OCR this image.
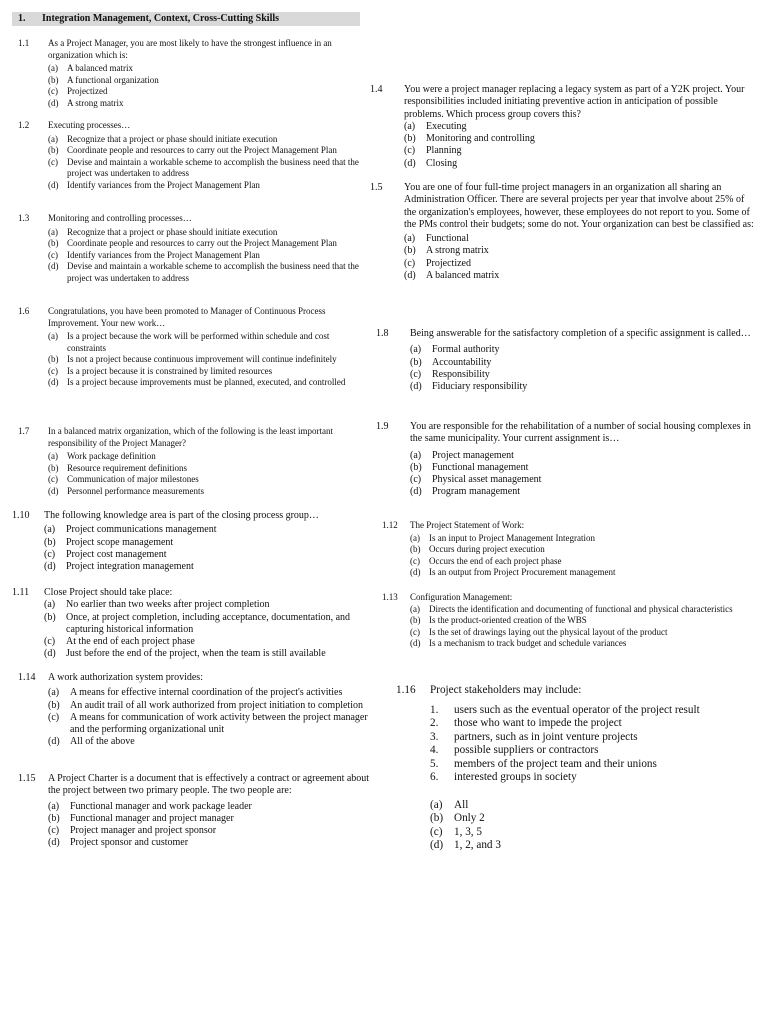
1. Integration Management, Context, Cross-Cutting Skills
1.1 As a Project Manager, you are most likely to have the strongest influence in an organization which is:

(a)	A balanced matrix
(b) A functional organization
(c)	Projectized
(d) A strong matrix
1.2 Executing processes…

(a)	Recognize that a project or phase should initiate execution
(b) Coordinate people and resources to carry out the Project Management Plan
(c)	Devise and maintain a workable scheme to accomplish the business need that the project was undertaken to address
(d) Identify variances from the Project Management Plan
1.3 Monitoring and controlling processes…

(a)	Recognize that a project or phase should initiate execution
(b) Coordinate people and resources to carry out the Project Management Plan
(c)	Identify variances from the Project Management Plan
(d) Devise and maintain a workable scheme to accomplish the business need that the project was undertaken to address
1.4 You were a project manager replacing a legacy system as part of a Y2K project. Your responsibilities included initiating preventive action in anticipation of possible problems. Which process group covers this?

(a)	Executing
(b)	Monitoring and controlling
(c)	Planning
(d)	Closing
1.5 You are one of four full-time project managers in an organization all sharing an Administration Officer. There are several projects per year that involve about 25% of the organization's employees, however, these employees do not report to you. Some of the PMs control their budgets; some do not. Your organization can best be classified as:

(a)	Functional
(b)	A strong matrix
(c)	Projectized
(d)	A balanced matrix
1.6 Congratulations, you have been promoted to Manager of Continuous Process Improvement. Your new work…

(a)	Is a project because the work will be performed within schedule and cost constraints
(b) Is not a project because continuous improvement will continue indefinitely
(c)	Is a project because it is constrained by limited resources
(d) Is a project because improvements must be planned, executed, and controlled
1.7 In a balanced matrix organization, which of the following is the least important responsibility of the Project Manager?

(a)	Work package definition
(b) Resource requirement definitions
(c)	Communication of major milestones
(d) Personnel performance measurements
1.8 Being answerable for the satisfactory completion of a specific assignment is called…

(a)	Formal authority
(b)	Accountability
(c)	Responsibility
(d)	Fiduciary responsibility
1.9 You are responsible for the rehabilitation of a number of social housing complexes in the same municipality. Your current assignment is…

(a)	Project management
(b)	Functional management
(c)	Physical asset management
(d)	Program management
1.10 The following knowledge area is part of the closing process group…

(a)	Project communications management
(b)	Project scope management
(c)	Project cost management
(d)	Project integration management
1.11 Close Project should take place:

(a)	No earlier than two weeks after project completion
(b)	Once, at project completion, including acceptance, documentation, and capturing historical information
(c)	At the end of each project phase
(d)	Just before the end of the project, when the team is still available
1.12 The Project Statement of Work:

(a)	Is an input to Project Management Integration
(b) Occurs during project execution
(c)	Occurs the end of each project phase
(d) Is an output from Project Procurement management
1.13 Configuration Management:

(a)	Directs the identification and documenting of functional and physical characteristics
(b) Is the product-oriented creation of the WBS
(c)	Is the set of drawings laying out the physical layout of the product
(d) Is a mechanism to track budget and schedule variances
1.14 A work authorization system provides:

(a)	A means for effective internal coordination of the project's activities
(b)	An audit trail of all work authorized from project initiation to completion
(c)	A means for communication of work activity between the project manager and the performing organizational unit
(d)	All of the above
1.15 A Project Charter is a document that is effectively a contract or agreement about the project between two primary people. The two people are:

(a)	Functional manager and work package leader
(b)	Functional manager and project manager
(c)	Project manager and project sponsor
(d)	Project sponsor and customer
1.16 Project stakeholders may include:

1.	users such as the eventual operator of the project result
2.	those who want to impede the project
3.	partners, such as in joint venture projects
4.	possible suppliers or contractors
5.	members of the project team and their unions
6.	interested groups in society
(a)	All
(b) Only 2
(c)	1, 3, 5
(d) 1, 2, and 3
